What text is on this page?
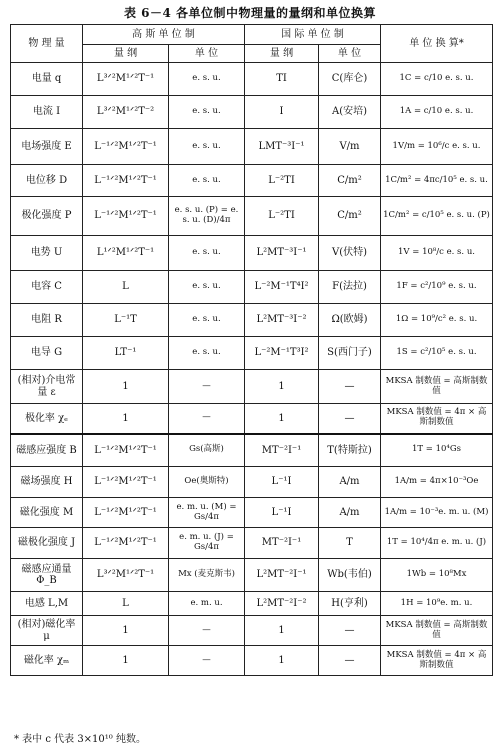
表 6－4 各单位制中物理量的量纲和单位换算
物 理 量	高 斯 单 位 制		国 际 单 位 制		单 位 换 算*
	量 纲	单 位	量 纲	单 位	
电量 q	L³ᐟ²M¹ᐟ²T⁻¹	e. s. u.	TI	C(库仑)	1C = c/10 e. s. u.
电流 I	L³ᐟ²M¹ᐟ²T⁻²	e. s. u.	I	A(安培)	1A = c/10 e. s. u.
电场强度 E	L⁻¹ᐟ²M¹ᐟ²T⁻¹	e. s. u.	LMT⁻³I⁻¹	V/m	1V/m = 10⁶/c e. s. u.
电位移 D	L⁻¹ᐟ²M¹ᐟ²T⁻¹	e. s. u.	L⁻²TI	C/m²	1C/m² = 4πc/10⁵ e. s. u.
极化强度 P	L⁻¹ᐟ²M¹ᐟ²T⁻¹	e. s. u. (P) = e. s. u. (D)/4π	L⁻²TI	C/m²	1C/m² = c/10⁵ e. s. u. (P)
电势 U	L¹ᐟ²M¹ᐟ²T⁻¹	e. s. u.	L²MT⁻³I⁻¹	V(伏特)	1V = 10⁸/c e. s. u.
电容 C	L	e. s. u.	L⁻²M⁻¹T⁴I²	F(法拉)	1F = c²/10⁹ e. s. u.
电阻 R	L⁻¹T	e. s. u.	L²MT⁻³I⁻²	Ω(欧姆)	1Ω = 10⁹/c² e. s. u.
电导 G	LT⁻¹	e. s. u.	L⁻²M⁻¹T³I²	S(西门子)	1S = c²/10⁵ e. s. u.
(相对)介电常量 ε	1	—	1	—	MKSA 制数值 = 高斯制数值
极化率 χₑ	1	—	1	—	MKSA 制数值 = 4π × 高斯制数值
磁感应强度 B	L⁻¹ᐟ²M¹ᐟ²T⁻¹	Gs(高斯)	MT⁻²I⁻¹	T(特斯拉)	1T = 10⁴Gs
磁场强度 H	L⁻¹ᐟ²M¹ᐟ²T⁻¹	Oe(奥斯特)	L⁻¹I	A/m	1A/m = 4π×10⁻³Oe
磁化强度 M	L⁻¹ᐟ²M¹ᐟ²T⁻¹	e. m. u. (M) = Gs/4π	L⁻¹I	A/m	1A/m = 10⁻³e. m. u. (M)
磁极化强度 J	L⁻¹ᐟ²M¹ᐟ²T⁻¹	e. m. u. (J) = Gs/4π	MT⁻²I⁻¹	T	1T = 10⁴/4π e. m. u. (J)
磁感应通量 Φ_B	L³ᐟ²M¹ᐟ²T⁻¹	Mx (麦克斯韦)	L²MT⁻²I⁻¹	Wb(韦伯)	1Wb = 10⁸Mx
电感 L,M	L	e. m. u.	L²MT⁻²I⁻²	H(亨利)	1H = 10⁹e. m. u.
(相对)磁化率 μ	1	—	1	—	MKSA 制数值 = 高斯制数值
磁化率 χₘ	1	—	1	—	MKSA 制数值 = 4π × 高斯制数值
* 表中 c 代表 3×10¹⁰ 纯数。
